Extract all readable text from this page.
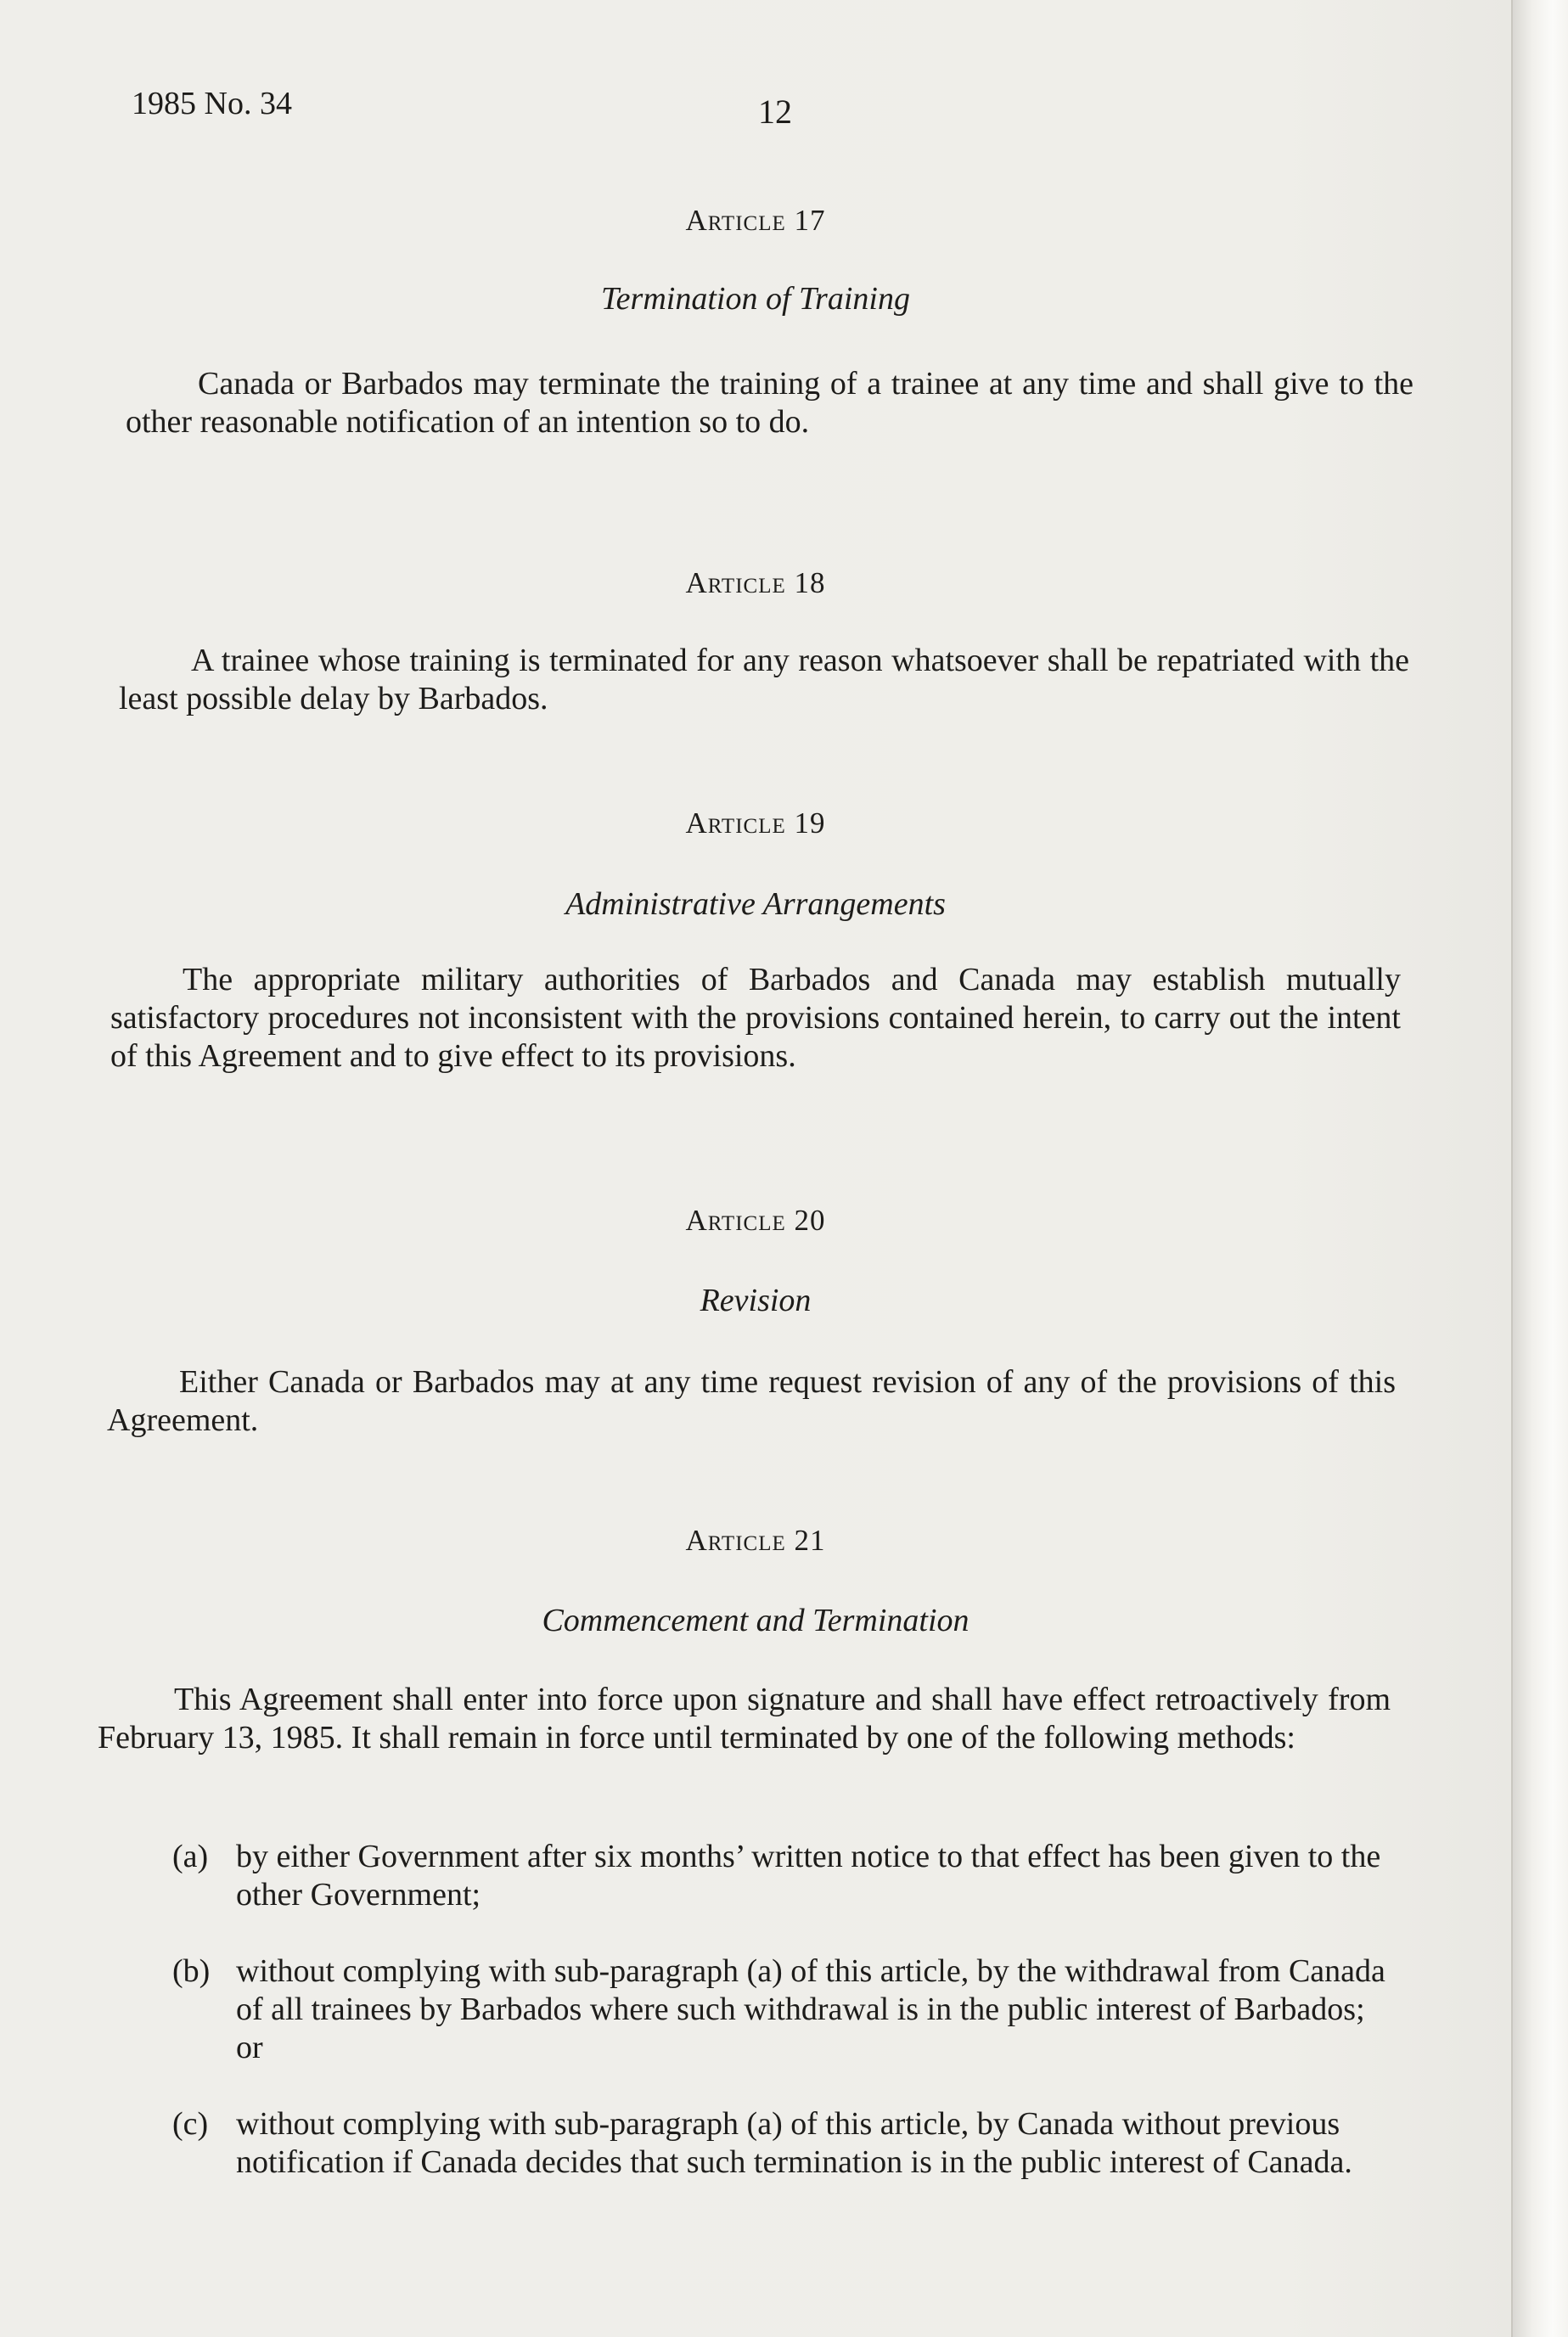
1985 No. 34	12
Article 17
Termination of Training

Canada or Barbados may terminate the training of a trainee at any time and shall give to the other reasonable notification of an intention so to do.

Article 18

A trainee whose training is terminated for any reason whatsoever shall be repatriated with the least possible delay by Barbados.

Article 19
Administrative Arrangements

The appropriate military authorities of Barbados and Canada may establish mutually satisfactory procedures not inconsistent with the provisions contained herein, to carry out the intent of this Agreement and to give effect to its provisions.

Article 20
Revision

Either Canada or Barbados may at any time request revision of any of the provisions of this Agreement.

Article 21
Commencement and Termination

This Agreement shall enter into force upon signature and shall have effect retroactively from February 13, 1985. It shall remain in force until terminated by one of the following methods:

(a) by either Government after six months’ written notice to that effect has been given to the other Government;
(b) without complying with sub-paragraph (a) of this article, by the withdrawal from Canada of all trainees by Barbados where such withdrawal is in the public interest of Barbados; or
(c) without complying with sub-paragraph (a) of this article, by Canada without previous notification if Canada decides that such termination is in the public interest of Canada.
